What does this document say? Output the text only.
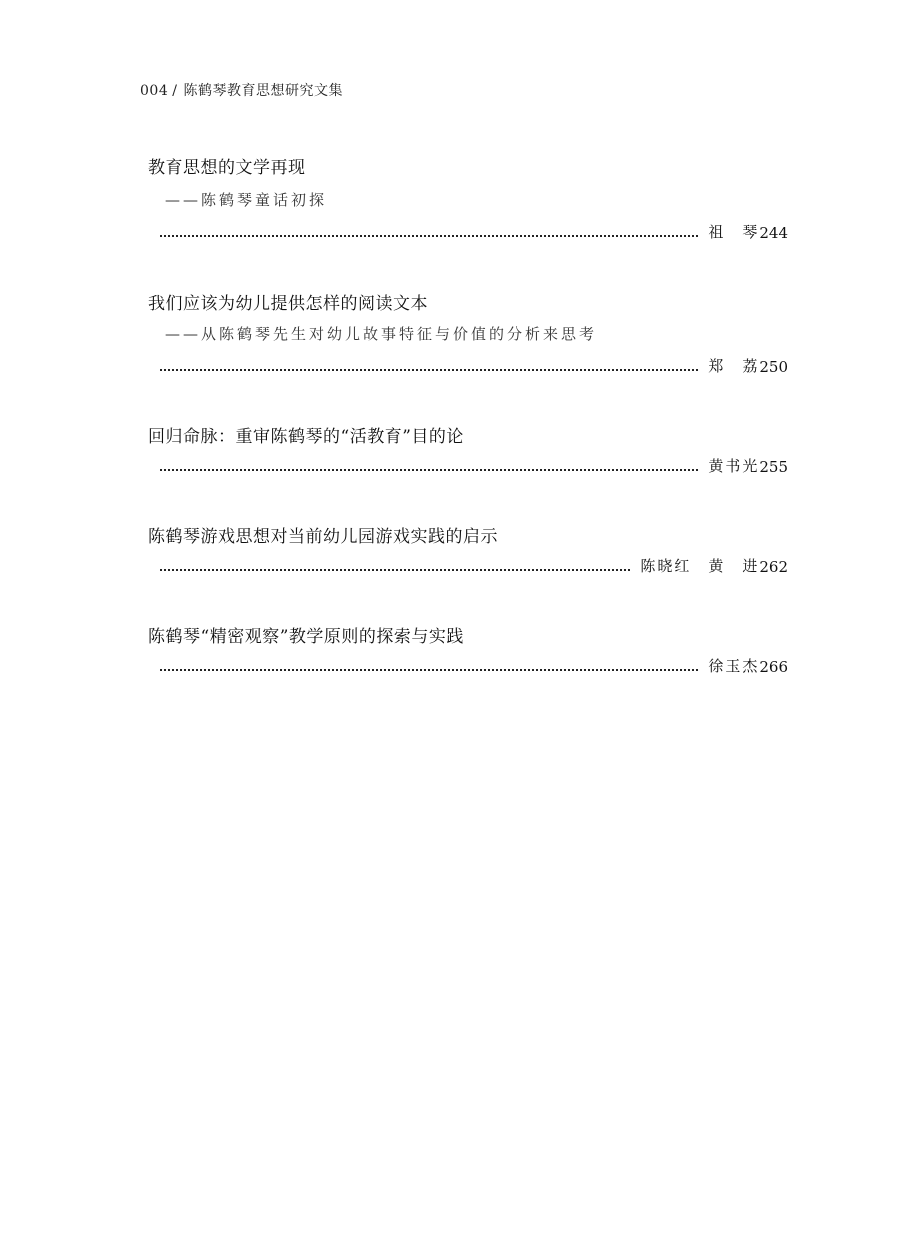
004 / 陈鹤琴教育思想研究文集
教育思想的文学再现
——陈鹤琴童话初探
祖　琴 244
我们应该为幼儿提供怎样的阅读文本
——从陈鹤琴先生对幼儿故事特征与价值的分析来思考
郑　荔 250
回归命脉：重审陈鹤琴的“活教育”目的论
黄书光 255
陈鹤琴游戏思想对当前幼儿园游戏实践的启示
陈晓红　黄　进 262
陈鹤琴“精密观察”教学原则的探索与实践
徐玉杰 266
